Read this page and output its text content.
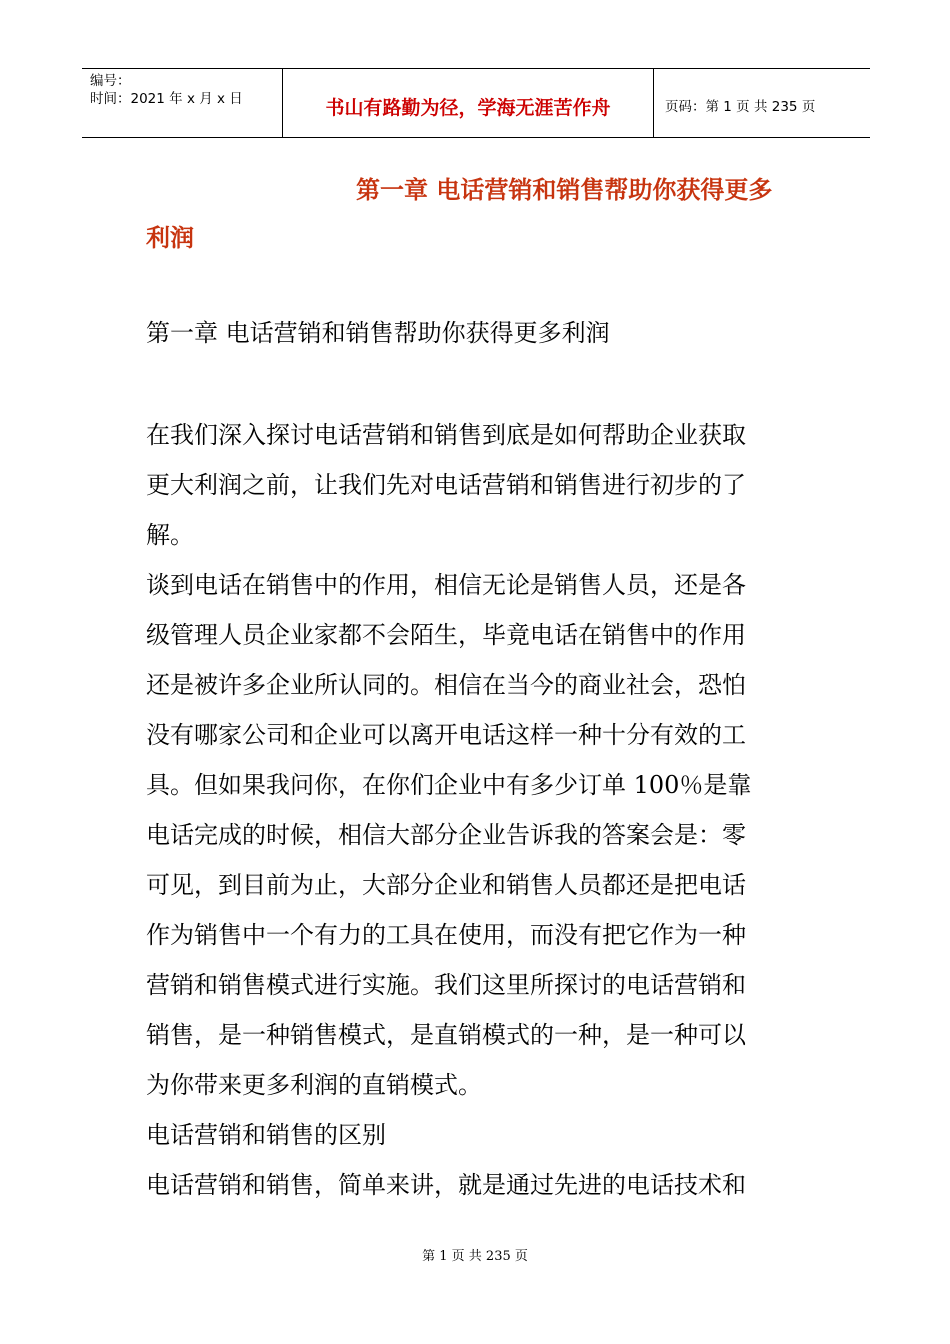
编号：
时间：2021 年 x 月 x 日	书山有路勤为径，学海无涯苦作舟	页码：第 1 页 共 235 页
第一章 电话营销和销售帮助你获得更多
利润
第一章 电话营销和销售帮助你获得更多利润
在我们深入探讨电话营销和销售到底是如何帮助企业获取
更大利润之前，让我们先对电话营销和销售进行初步的了
解。
谈到电话在销售中的作用，相信无论是销售人员，还是各
级管理人员企业家都不会陌生，毕竟电话在销售中的作用
还是被许多企业所认同的。相信在当今的商业社会，恐怕
没有哪家公司和企业可以离开电话这样一种十分有效的工
具。但如果我问你，在你们企业中有多少订单 100％是靠
电话完成的时候，相信大部分企业告诉我的答案会是：零
可见，到目前为止，大部分企业和销售人员都还是把电话
作为销售中一个有力的工具在使用，而没有把它作为一种
营销和销售模式进行实施。我们这里所探讨的电话营销和
销售，是一种销售模式，是直销模式的一种，是一种可以
为你带来更多利润的直销模式。
电话营销和销售的区别
电话营销和销售，简单来讲，就是通过先进的电话技术和
第 1 页 共 235 页
